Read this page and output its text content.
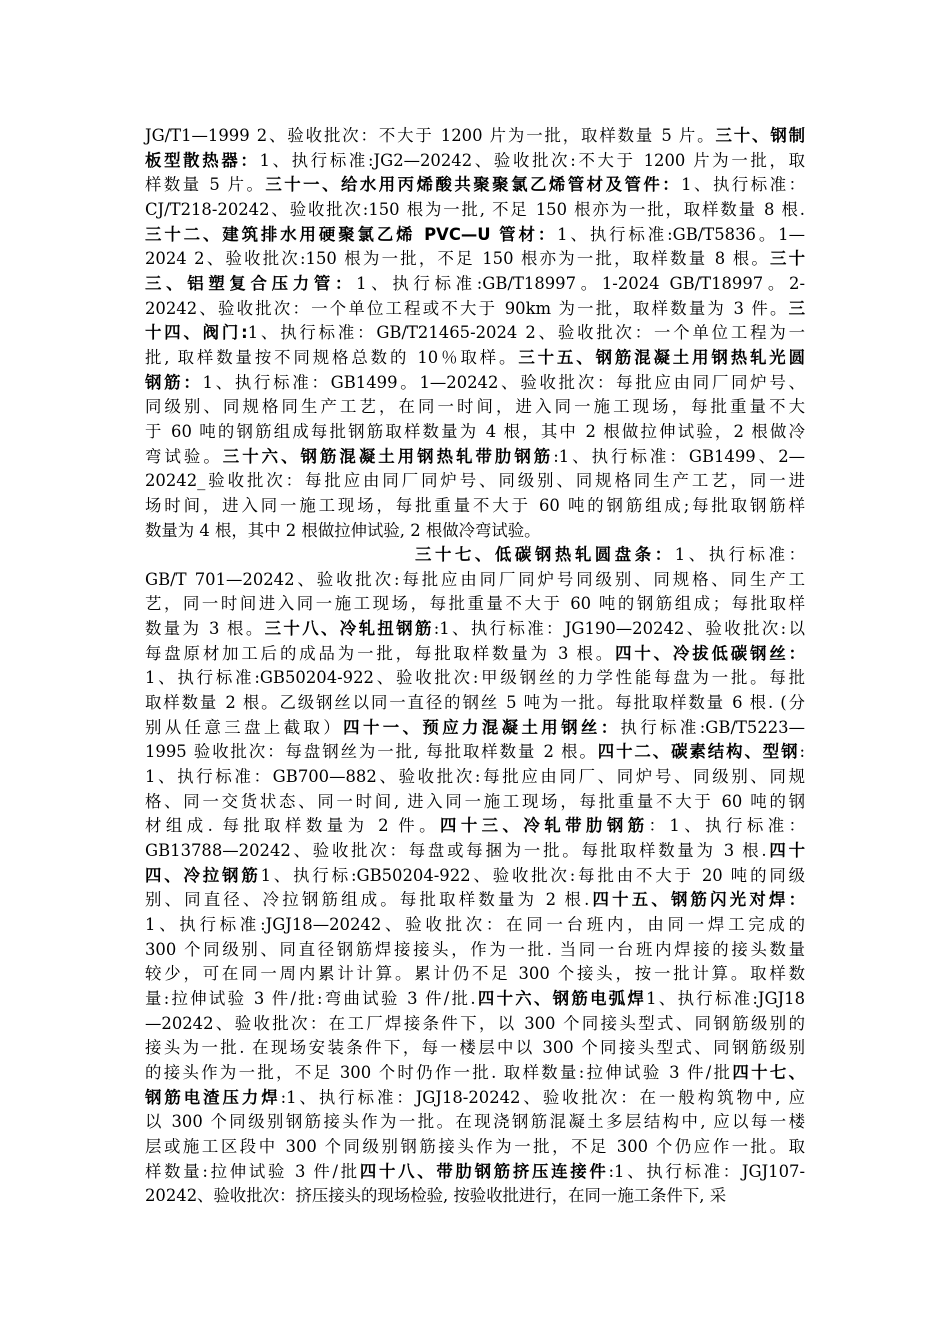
JG/T1—1999 2、验收批次：不大于 1200 片为一批，取样数量 5 片。三十、钢制
板型散热器：1、执行标准:JG2—20242、验收批次:不大于 1200 片为一批，取
样数量 5 片。三十一、给水用丙烯酸共聚聚氯乙烯管材及管件：1、执行标准：
CJ/T218-20242、验收批次:150 根为一批, 不足 150 根亦为一批，取样数量 8 根.
三十二、建筑排水用硬聚氯乙烯 PVC—U 管材：1、执行标准:GB/T5836。1—
2024 2、验收批次:150 根为一批，不足 150 根亦为一批，取样数量 8 根。三十
三、铝塑复合压力管：1、执行标准:GB/T18997。1-2024 GB/T18997。2-
20242、验收批次：一个单位工程或不大于 90km 为一批，取样数量为 3 件。三
十四、阀门:1、执行标准：GB/T21465-2024 2、验收批次：一个单位工程为一
批, 取样数量按不同规格总数的 10％取样。三十五、钢筋混凝土用钢热轧光圆
钢筋：1、执行标准：GB1499。1—20242、验收批次：每批应由同厂同炉号、
同级别、同规格同生产工艺，在同一时间，进入同一施工现场，每批重量不大
于 60 吨的钢筋组成每批钢筋取样数量为 4 根，其中 2 根做拉伸试验，2 根做冷
弯试验。三十六、钢筋混凝土用钢热轧带肋钢筋:1、执行标准：GB1499、2—
20242_验收批次：每批应由同厂同炉号、同级别、同规格同生产工艺，同一进
场时间，进入同一施工现场，每批重量不大于 60 吨的钢筋组成;每批取钢筋样
数量为 4 根，其中 2 根做拉伸试验, 2 根做冷弯试验。
三十七、低碳钢热轧圆盘条：1、执行标准：
GB/T 701—20242、验收批次:每批应由同厂同炉号同级别、同规格、同生产工
艺，同一时间进入同一施工现场，每批重量不大于 60 吨的钢筋组成；每批取样
数量为 3 根。三十八、冷轧扭钢筋:1、执行标准：JG190—20242、验收批次:以
每盘原材加工后的成品为一批，每批取样数量为 3 根。四十、冷拔低碳钢丝：
1、执行标准:GB50204-922、验收批次:甲级钢丝的力学性能每盘为一批。每批
取样数量 2 根。乙级钢丝以同一直径的钢丝 5 吨为一批。每批取样数量 6 根. (分
别从任意三盘上截取）四十一、预应力混凝土用钢丝：执行标准:GB/T5223—
1995 验收批次：每盘钢丝为一批, 每批取样数量 2 根。四十二、碳素结构、型钢:
1、执行标准：GB700—882、验收批次:每批应由同厂、同炉号、同级别、同规
格、同一交货状态、同一时间, 进入同一施工现场，每批重量不大于 60 吨的钢
材组成. 每批取样数量为 2 件。四十三、冷轧带肋钢筋：1、执行标准：
GB13788—20242、验收批次：每盘或每捆为一批。每批取样数量为 3 根.四十
四、冷拉钢筋1、执行标:GB50204-922、验收批次:每批由不大于 20 吨的同级
别、同直径、冷拉钢筋组成。每批取样数量为 2 根.四十五、钢筋闪光对焊：
1、执行标准:JGJ18—20242、验收批次：在同一台班内，由同一焊工完成的
300 个同级别、同直径钢筋焊接接头，作为一批. 当同一台班内焊接的接头数量
较少，可在同一周内累计计算。累计仍不足 300 个接头，按一批计算。取样数
量:拉伸试验 3 件/批:弯曲试验 3 件/批.四十六、钢筋电弧焊1、执行标准:JGJ18
—20242、验收批次：在工厂焊接条件下，以 300 个同接头型式、同钢筋级别的
接头为一批. 在现场安装条件下，每一楼层中以 300 个同接头型式、同钢筋级别
的接头作为一批，不足 300 个时仍作一批. 取样数量:拉伸试验 3 件/批四十七、
钢筋电渣压力焊:1、执行标准：JGJ18-20242、验收批次：在一般构筑物中, 应
以 300 个同级别钢筋接头作为一批。在现浇钢筋混凝土多层结构中, 应以每一楼
层或施工区段中 300 个同级别钢筋接头作为一批，不足 300 个仍应作一批。取
样数量:拉伸试验 3 件/批四十八、带肋钢筋挤压连接件:1、执行标准：JGJ107-
20242、验收批次：挤压接头的现场检验, 按验收批进行，在同一施工条件下, 采
